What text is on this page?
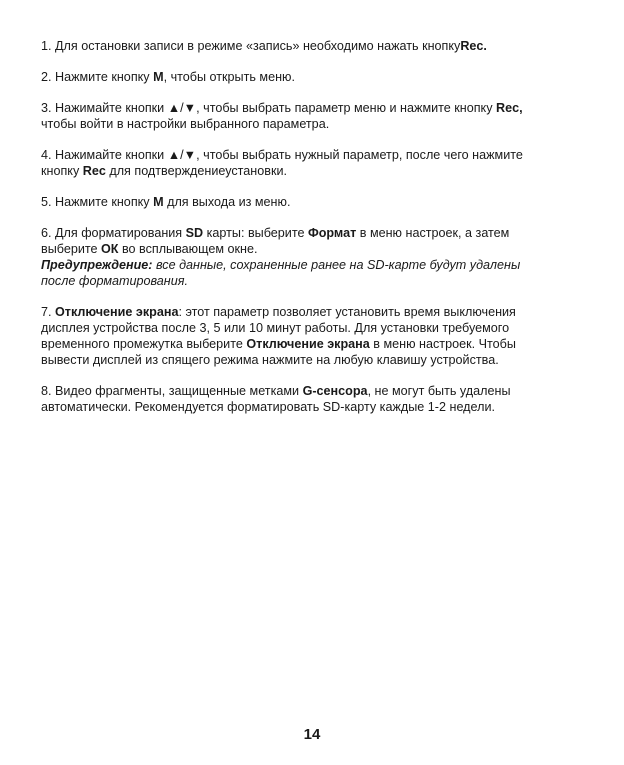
1. Для остановки записи в режиме «запись» необходимо нажать кнопкуRec.

2. Нажмите кнопку M, чтобы открыть меню.

3. Нажимайте кнопки ▲/▼, чтобы выбрать параметр меню и нажмите кнопку Rec,
чтобы войти в настройки выбранного параметра.

4. Нажимайте кнопки ▲/▼, чтобы выбрать нужный параметр, после чего нажмите
кнопку Rec для подтверждениеустановки.

5. Нажмите кнопку M для выхода из меню.

6. Для форматирования SD карты: выберите Формат в меню настроек, а затем
выберите ОК во всплывающем окне.
Предупреждение: все данные, сохраненные ранее на SD-карте будут удалены
после форматирования.

7. Отключение экрана: этот параметр позволяет установить время выключения
дисплея устройства после 3, 5 или 10 минут работы. Для установки требуемого
временного промежутка выберите Отключение экрана в меню настроек. Чтобы
вывести дисплей из спящего режима нажмите на любую клавишу устройства.

8. Видео фрагменты, защищенные метками G-сенсора, не могут быть удалены
автоматически. Рекомендуется форматировать SD-карту каждые 1-2 недели.

14
